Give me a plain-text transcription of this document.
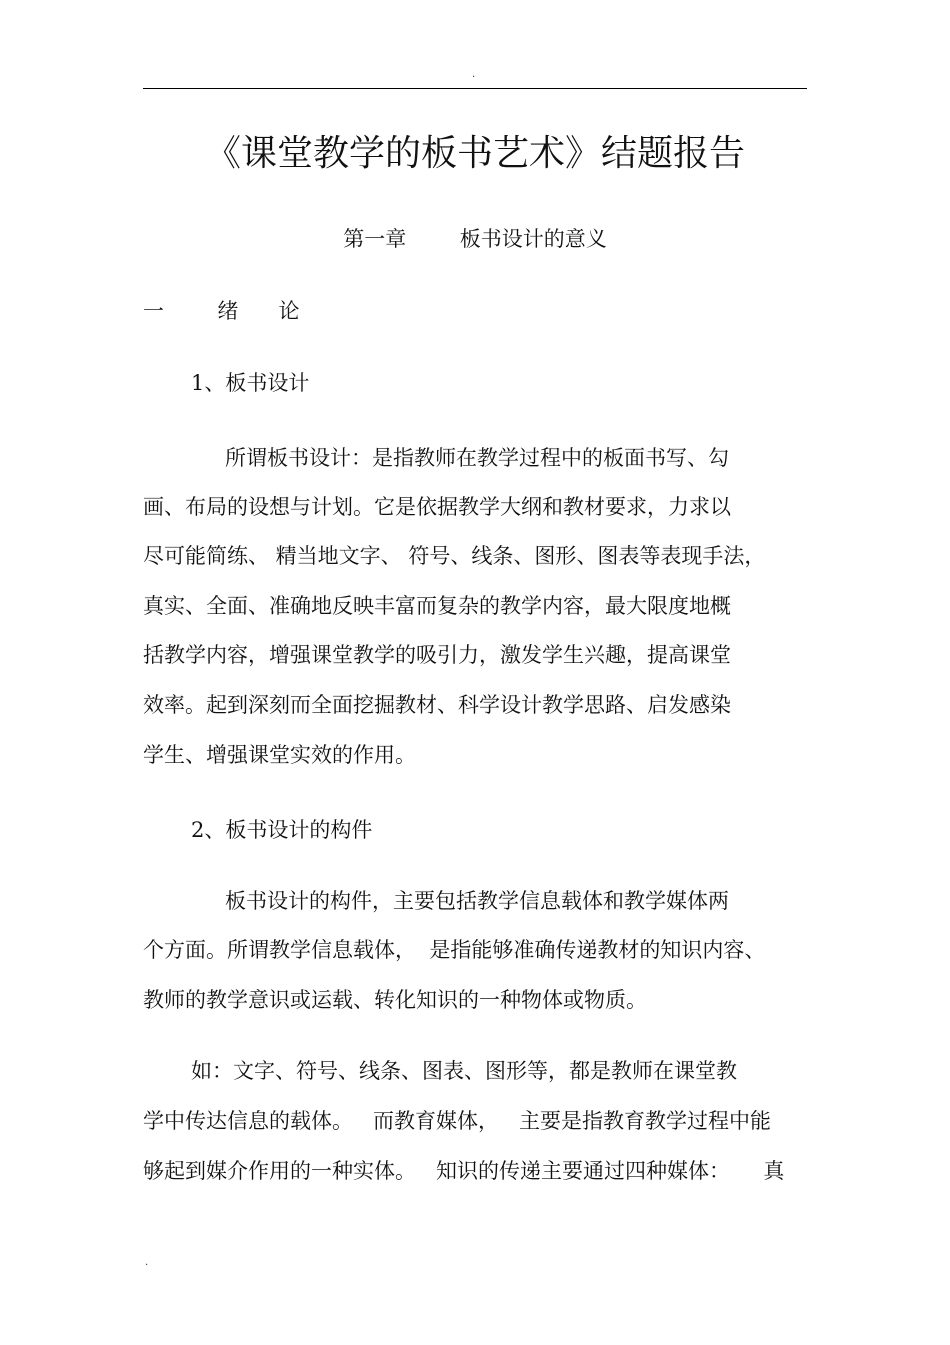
.
《课堂教学的板书艺术》结题报告
第一章        板书设计的意义
一        绪      论
1、板书设计
所谓板书设计：是指教师在教学过程中的板面书写、勾
画、布局的设想与计划。它是依据教学大纲和教材要求，力求以
尽可能简练、 精当地文字、 符号、线条、图形、图表等表现手法，
真实、全面、准确地反映丰富而复杂的教学内容，最大限度地概
括教学内容，增强课堂教学的吸引力，激发学生兴趣，提高课堂
效率。起到深刻而全面挖掘教材、科学设计教学思路、启发感染
学生、增强课堂实效的作用。
2、板书设计的构件
板书设计的构件，主要包括教学信息载体和教学媒体两
个方面。所谓教学信息载体，  是指能够准确传递教材的知识内容、
教师的教学意识或运载、转化知识的一种物体或物质。
如：文字、符号、线条、图表、图形等，都是教师在课堂教
学中传达信息的载体。   而教育媒体，   主要是指教育教学过程中能
够起到媒介作用的一种实体。   知识的传递主要通过四种媒体：     真
.
